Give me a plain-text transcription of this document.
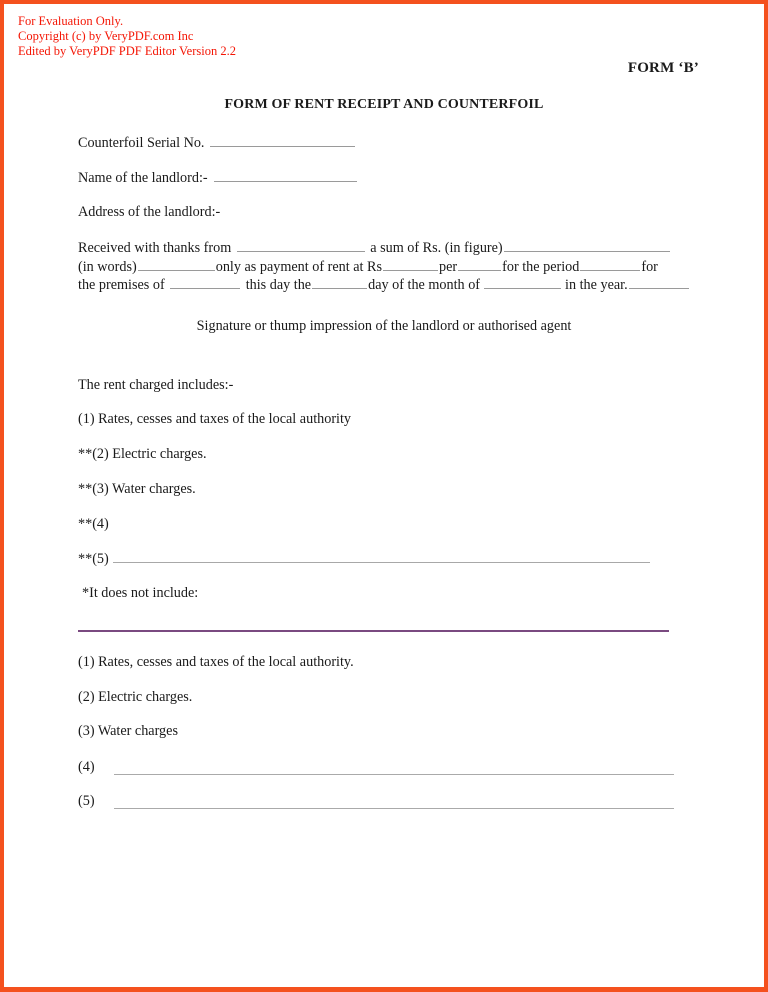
For Evaluation Only.
Copyright (c) by VeryPDF.com Inc
Edited by VeryPDF PDF Editor Version 2.2
FORM ‘B’
FORM OF RENT RECEIPT AND COUNTERFOIL
Counterfoil Serial No.
Name of the landlord:-
Address of the landlord:-
Received with thanks from	a sum of Rs. (in figure)
(in words)	only as payment of rent at Rs	per	for the period	for
the premises of	this day the	day of the month of	in the year.
Signature or thump impression of the landlord or authorised agent
The rent charged includes:-
(1) Rates, cesses and taxes of the local authority
**(2) Electric charges.
**(3) Water charges.
**(4)
**(5)
*It does not include:
(1) Rates, cesses and taxes of the local authority.
(2) Electric charges.
(3) Water charges
(4)
(5)
